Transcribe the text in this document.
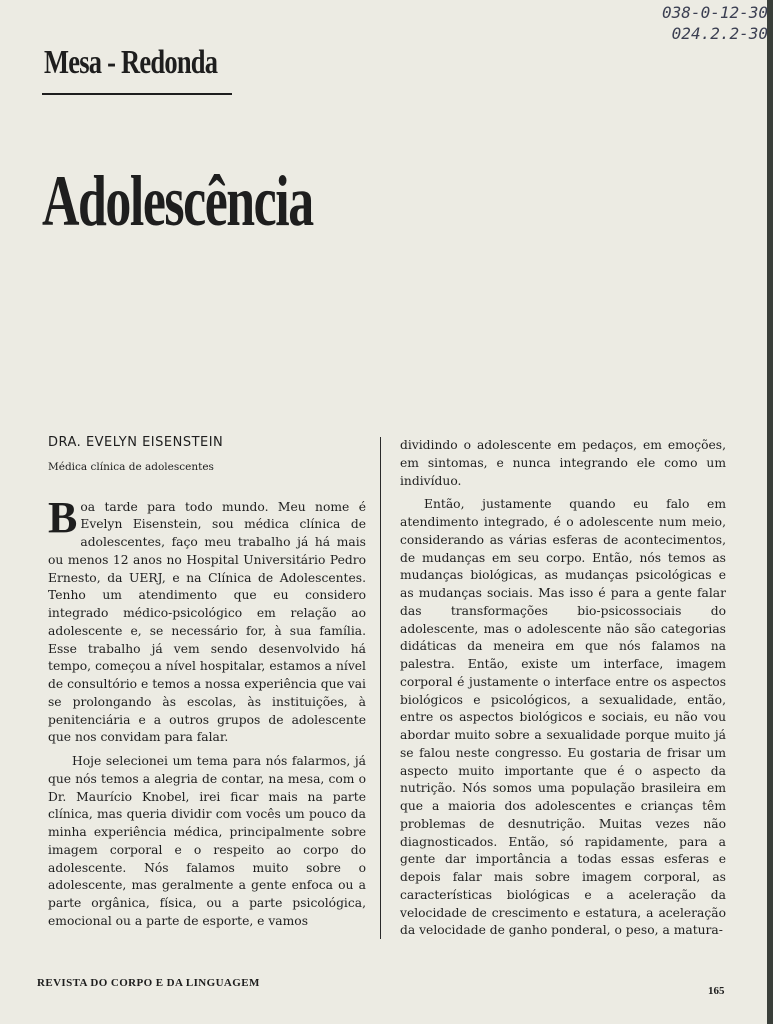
038-0-12-30
024.2.2-30
Mesa - Redonda
Adolescência
DRA. EVELYN EISENSTEIN
Médica clínica de adolescentes

Boa tarde para todo mundo. Meu nome é Evelyn Eisenstein, sou médica clínica de adolescentes, faço meu trabalho já há mais ou menos 12 anos no Hospital Universitário Pedro Ernesto, da UERJ, e na Clínica de Adolescentes. Tenho um atendimento que eu considero integrado médico-psicológico em relação ao adolescente e, se necessário for, à sua família. Esse trabalho já vem sendo desenvolvido há tempo, começou a nível hospitalar, estamos a nível de consultório e temos a nossa experiência que vai se prolongando às escolas, às instituições, à penitenciária e a outros grupos de adolescente que nos convidam para falar.

Hoje selecionei um tema para nós falarmos, já que nós temos a alegria de contar, na mesa, com o Dr. Maurício Knobel, irei ficar mais na parte clínica, mas queria dividir com vocês um pouco da minha experiência médica, principalmente sobre imagem corporal e o respeito ao corpo do adolescente. Nós falamos muito sobre o adolescente, mas geralmente a gente enfoca ou a parte orgânica, física, ou a parte psicológica, emocional ou a parte de esporte, e vamos

dividindo o adolescente em pedaços, em emoções, em sintomas, e nunca integrando ele como um indivíduo.

Então, justamente quando eu falo em atendimento integrado, é o adolescente num meio, considerando as várias esferas de acontecimentos, de mudanças em seu corpo. Então, nós temos as mudanças biológicas, as mudanças psicológicas e as mudanças sociais. Mas isso é para a gente falar das transformações bio-psicossociais do adolescente, mas o adolescente não são categorias didáticas da meneira em que nós falamos na palestra. Então, existe um interface, imagem corporal é justamente o interface entre os aspectos biológicos e psicológicos, a sexualidade, então, entre os aspectos biológicos e sociais, eu não vou abordar muito sobre a sexualidade porque muito já se falou neste congresso. Eu gostaria de frisar um aspecto muito importante que é o aspecto da nutrição. Nós somos uma população brasileira em que a maioria dos adolescentes e crianças têm problemas de desnutrição. Muitas vezes não diagnosticados. Então, só rapidamente, para a gente dar importância a todas essas esferas e depois falar mais sobre imagem corporal, as características biológicas e a aceleração da velocidade de crescimento e estatura, a aceleração da velocidade de ganho ponderal, o peso, a matura-

REVISTA DO CORPO E DA LINGUAGEM
165
